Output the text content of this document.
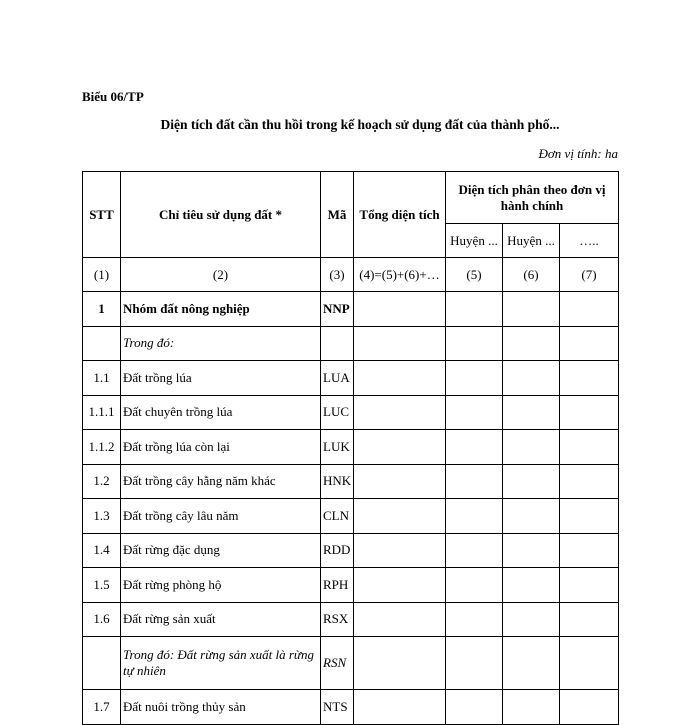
Biểu 06/TP
Diện tích đất cần thu hồi trong kế hoạch sử dụng đất của thành phố...

Đơn vị tính: ha

STT	Chỉ tiêu sử dụng đất *	Mã	Tổng diện tích	Diện tích phân theo đơn vị hành chính		
				Huyện ...	Huyện ...	…..
(1)	(2)	(3)	(4)=(5)+(6)+…	(5)	(6)	(7)
1	Nhóm đất nông nghiệp	NNP				
	Trong đó:					
1.1	Đất trồng lúa	LUA				
1.1.1	Đất chuyên trồng lúa	LUC				
1.1.2	Đất trồng lúa còn lại	LUK				
1.2	Đất trồng cây hằng năm khác	HNK				
1.3	Đất trồng cây lâu năm	CLN				
1.4	Đất rừng đặc dụng	RDD				
1.5	Đất rừng phòng hộ	RPH				
1.6	Đất rừng sản xuất	RSX				
	Trong đó: Đất rừng sản xuất là rừng tự nhiên	RSN				
1.7	Đất nuôi trồng thủy sản	NTS				
